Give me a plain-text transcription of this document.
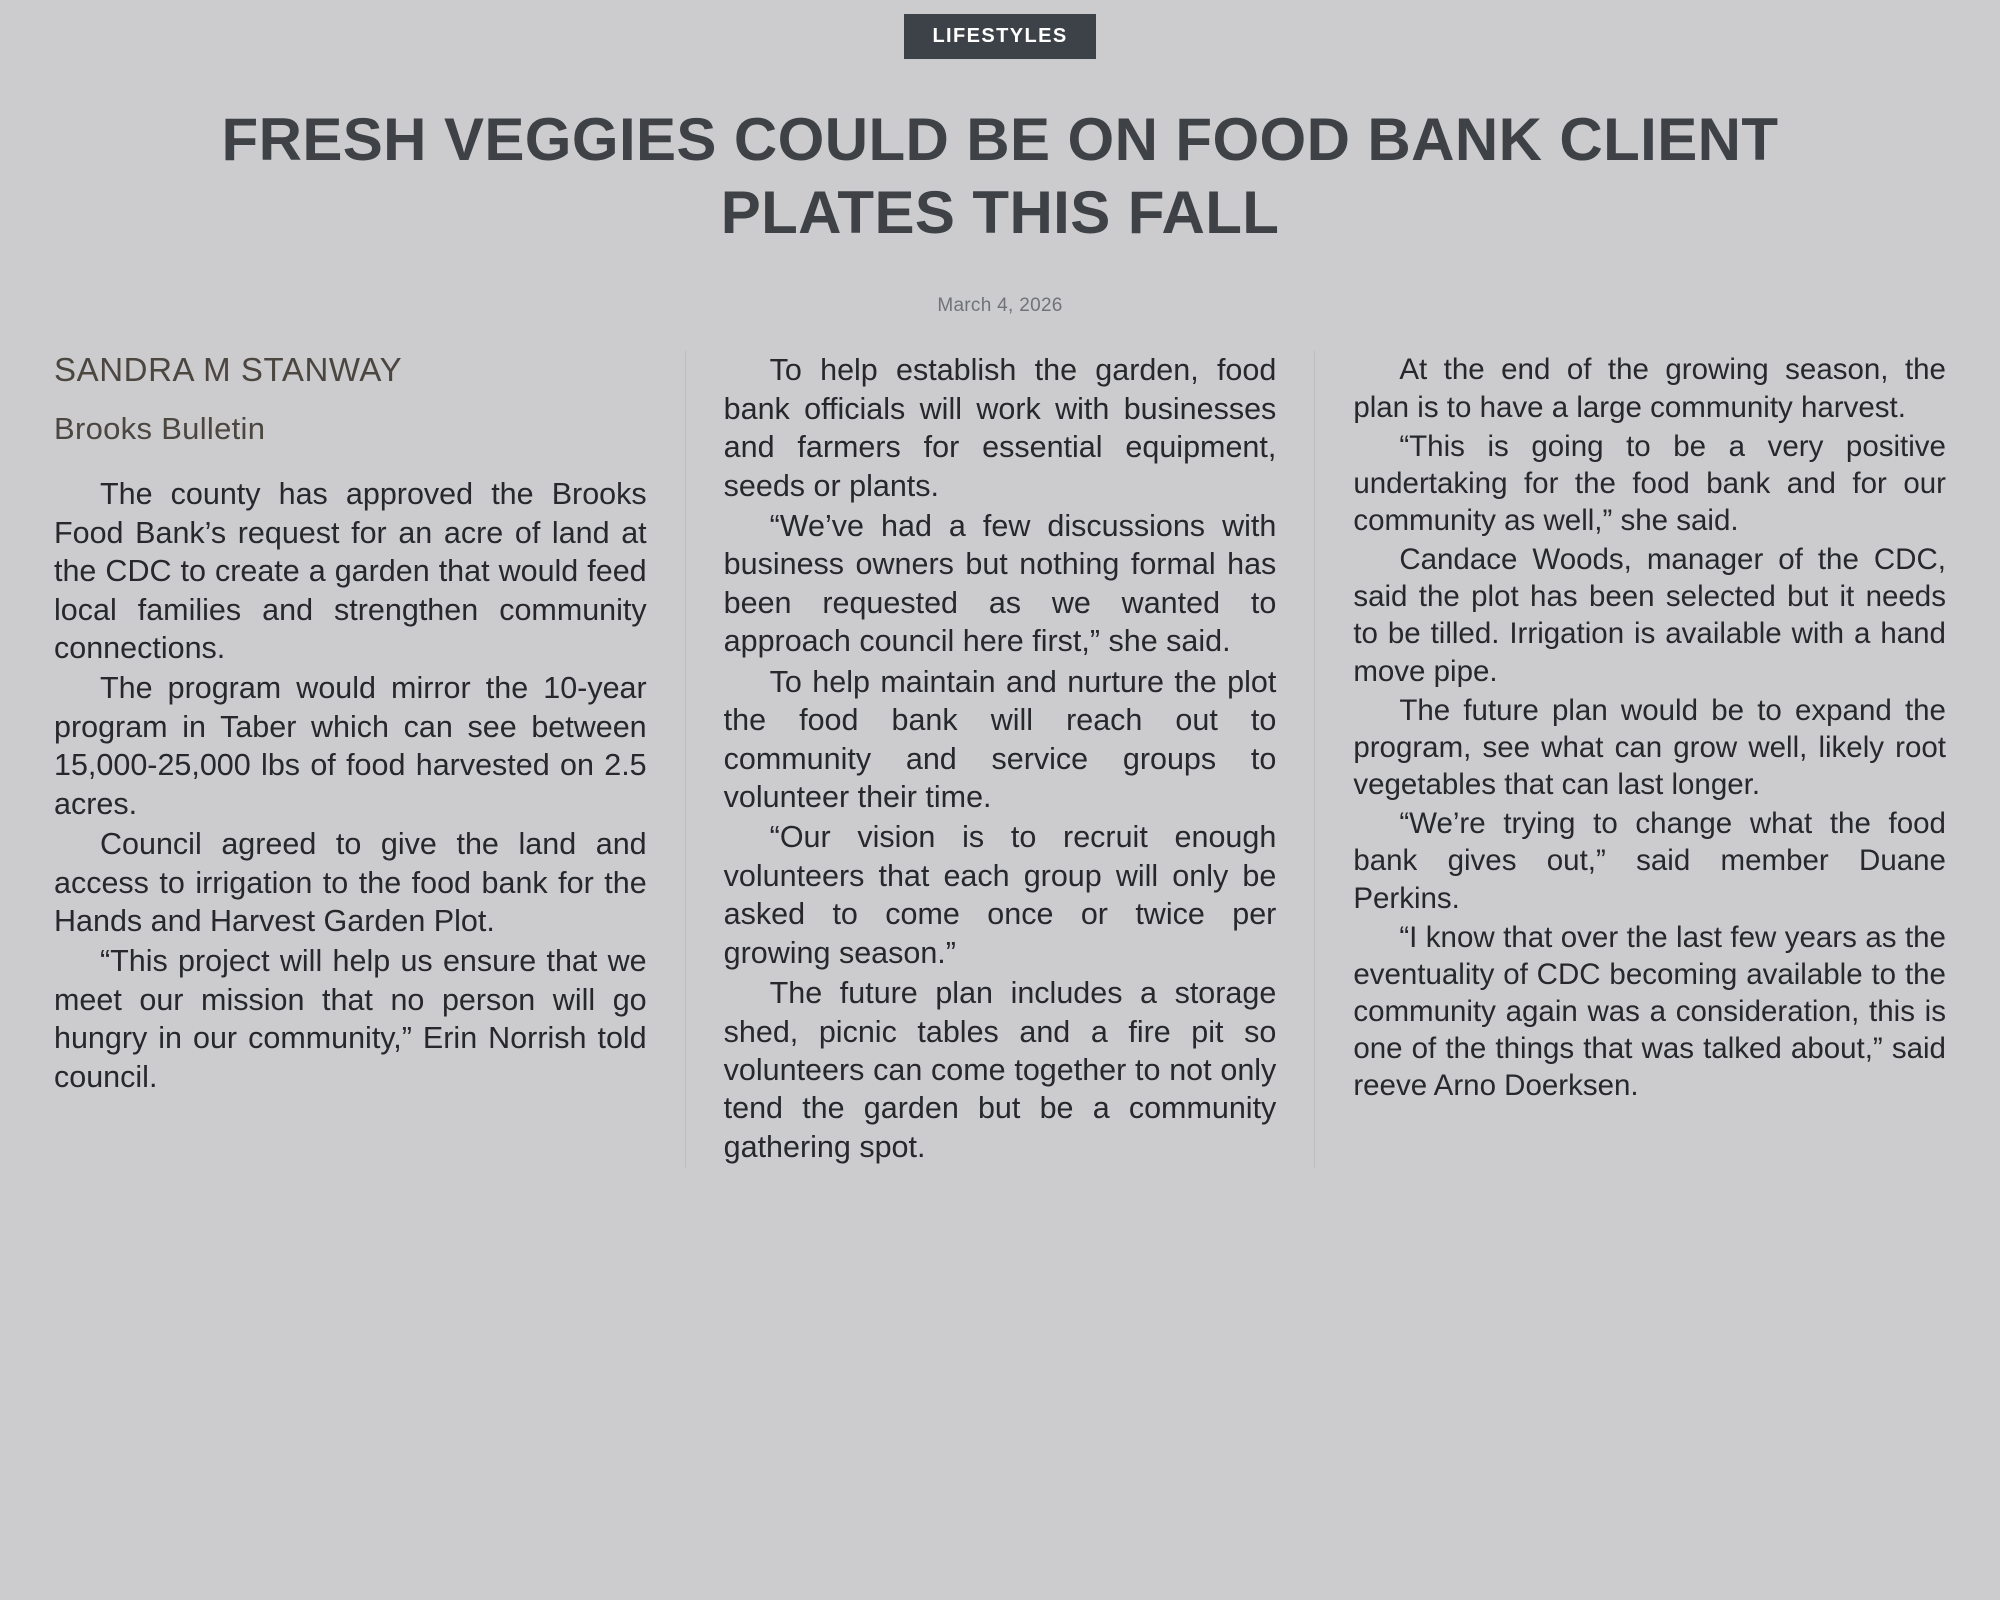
LIFESTYLES
FRESH VEGGIES COULD BE ON FOOD BANK CLIENT PLATES THIS FALL
March 4, 2026
SANDRA M STANWAY
Brooks Bulletin

The county has approved the Brooks Food Bank’s request for an acre of land at the CDC to create a garden that would feed local families and strengthen community connections.

The program would mirror the 10-year program in Taber which can see between 15,000-25,000 lbs of food harvested on 2.5 acres.

Council agreed to give the land and access to irrigation to the food bank for the Hands and Harvest Garden Plot.

“This project will help us ensure that we meet our mission that no person will go hungry in our community,” Erin Norrish told council.

To help establish the garden, food bank officials will work with businesses and farmers for essential equipment, seeds or plants.

“We’ve had a few discussions with business owners but nothing formal has been requested as we wanted to approach council here first,” she said.

To help maintain and nurture the plot the food bank will reach out to community and service groups to volunteer their time.

“Our vision is to recruit enough volunteers that each group will only be asked to come once or twice per growing season.”

The future plan includes a storage shed, picnic tables and a fire pit so volunteers can come together to not only tend the garden but be a community gathering spot.

At the end of the growing season, the plan is to have a large community harvest.

“This is going to be a very positive undertaking for the food bank and for our community as well,” she said.

Candace Woods, manager of the CDC, said the plot has been selected but it needs to be tilled. Irrigation is available with a hand move pipe.

The future plan would be to expand the program, see what can grow well, likely root vegetables that can last longer.

“We’re trying to change what the food bank gives out,” said member Duane Perkins.

“I know that over the last few years as the eventuality of CDC becoming available to the community again was a consideration, this is one of the things that was talked about,” said reeve Arno Doerksen.
